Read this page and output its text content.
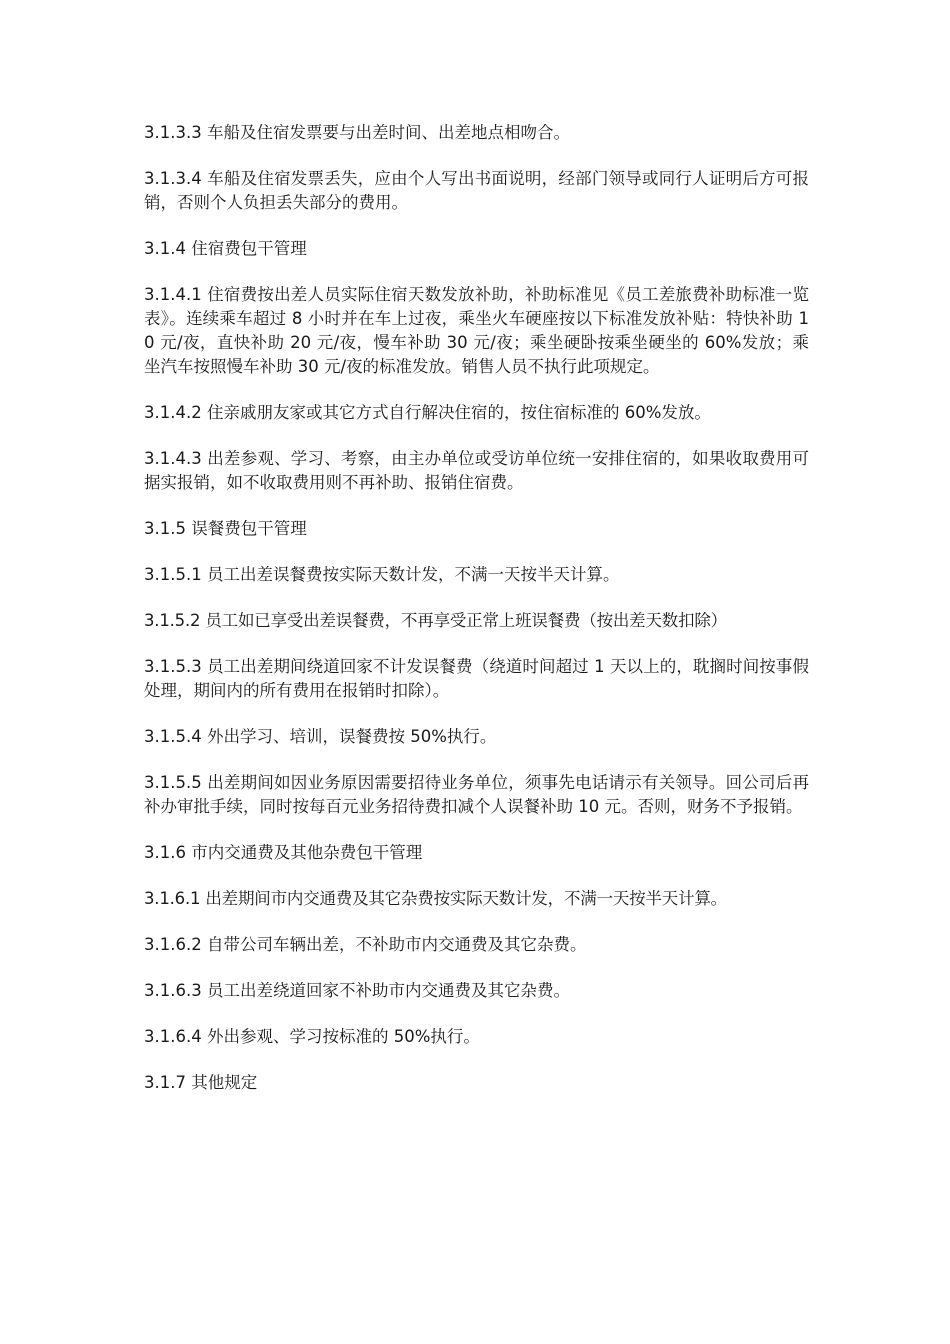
3.1.3.3 车船及住宿发票要与出差时间、出差地点相吻合。

3.1.3.4 车船及住宿发票丢失，应由个人写出书面说明，经部门领导或同行人证明后方可报销，否则个人负担丢失部分的费用。

3.1.4 住宿费包干管理

3.1.4.1 住宿费按出差人员实际住宿天数发放补助，补助标准见《员工差旅费补助标准一览表》。连续乘车超过 8 小时并在车上过夜，乘坐火车硬座按以下标准发放补贴：特快补助 10 元/夜，直快补助 20 元/夜，慢车补助 30 元/夜；乘坐硬卧按乘坐硬坐的 60%发放；乘坐汽车按照慢车补助 30 元/夜的标准发放。销售人员不执行此项规定。

3.1.4.2 住亲戚朋友家或其它方式自行解决住宿的，按住宿标准的 60%发放。

3.1.4.3 出差参观、学习、考察，由主办单位或受访单位统一安排住宿的，如果收取费用可据实报销，如不收取费用则不再补助、报销住宿费。

3.1.5 误餐费包干管理

3.1.5.1 员工出差误餐费按实际天数计发，不满一天按半天计算。

3.1.5.2 员工如已享受出差误餐费，不再享受正常上班误餐费（按出差天数扣除）

3.1.5.3 员工出差期间绕道回家不计发误餐费（绕道时间超过 1 天以上的，耽搁时间按事假处理，期间内的所有费用在报销时扣除）。

3.1.5.4 外出学习、培训，误餐费按 50%执行。

3.1.5.5 出差期间如因业务原因需要招待业务单位，须事先电话请示有关领导。回公司后再补办审批手续，同时按每百元业务招待费扣减个人误餐补助 10 元。否则，财务不予报销。

3.1.6 市内交通费及其他杂费包干管理

3.1.6.1 出差期间市内交通费及其它杂费按实际天数计发，不满一天按半天计算。

3.1.6.2 自带公司车辆出差，不补助市内交通费及其它杂费。

3.1.6.3 员工出差绕道回家不补助市内交通费及其它杂费。

3.1.6.4 外出参观、学习按标准的 50%执行。

3.1.7 其他规定
